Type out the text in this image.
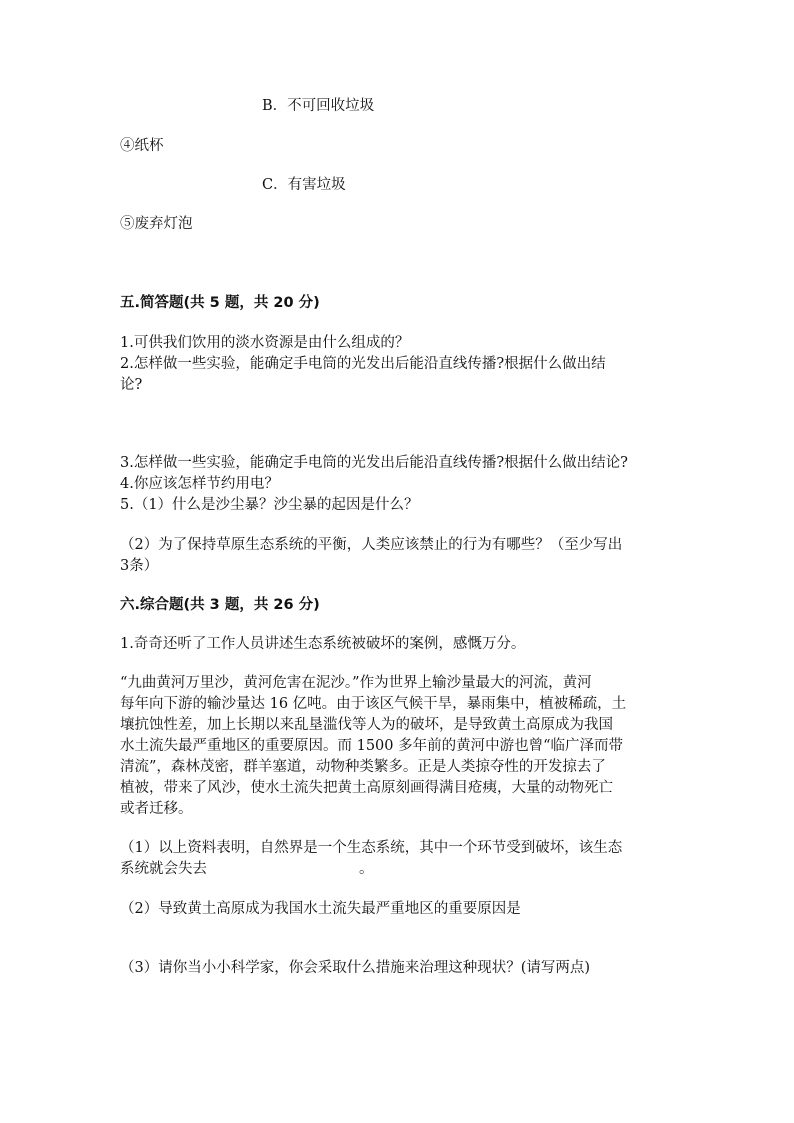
B．不可回收垃圾
④纸杯
C．有害垃圾
⑤废弃灯泡
五.简答题(共 5 题，共 20 分)
1.可供我们饮用的淡水资源是由什么组成的？
2.怎样做一些实验，能确定手电筒的光发出后能沿直线传播?根据什么做出结
论?
3.怎样做一些实验，能确定手电筒的光发出后能沿直线传播?根据什么做出结论?
4.你应该怎样节约用电？
5.（1）什么是沙尘暴？沙尘暴的起因是什么？
（2）为了保持草原生态系统的平衡，人类应该禁止的行为有哪些？（至少写出
3条）
六.综合题(共 3 题，共 26 分)
1.奇奇还听了工作人员讲述生态系统被破坏的案例，感慨万分。
“九曲黄河万里沙，黄河危害在泥沙。”作为世界上输沙量最大的河流，黄河
每年向下游的输沙量达 16 亿吨。由于该区气候干旱，暴雨集中，植被稀疏，土
壤抗蚀性差，加上长期以来乱垦滥伐等人为的破坏，是导致黄土高原成为我国
水土流失最严重地区的重要原因。而 1500 多年前的黄河中游也曾“临广泽而带
清流”，森林茂密，群羊塞道，动物种类繁多。正是人类掠夺性的开发掠去了
植被，带来了风沙，使水土流失把黄土高原刻画得满目疮痍，大量的动物死亡
或者迁移。
（1）以上资料表明，自然界是一个生态系统，其中一个环节受到破坏，该生态
系统就会失去	。
（2）导致黄土高原成为我国水土流失最严重地区的重要原因是
（3）请你当小小科学家，你会采取什么措施来治理这种现状？(请写两点)
